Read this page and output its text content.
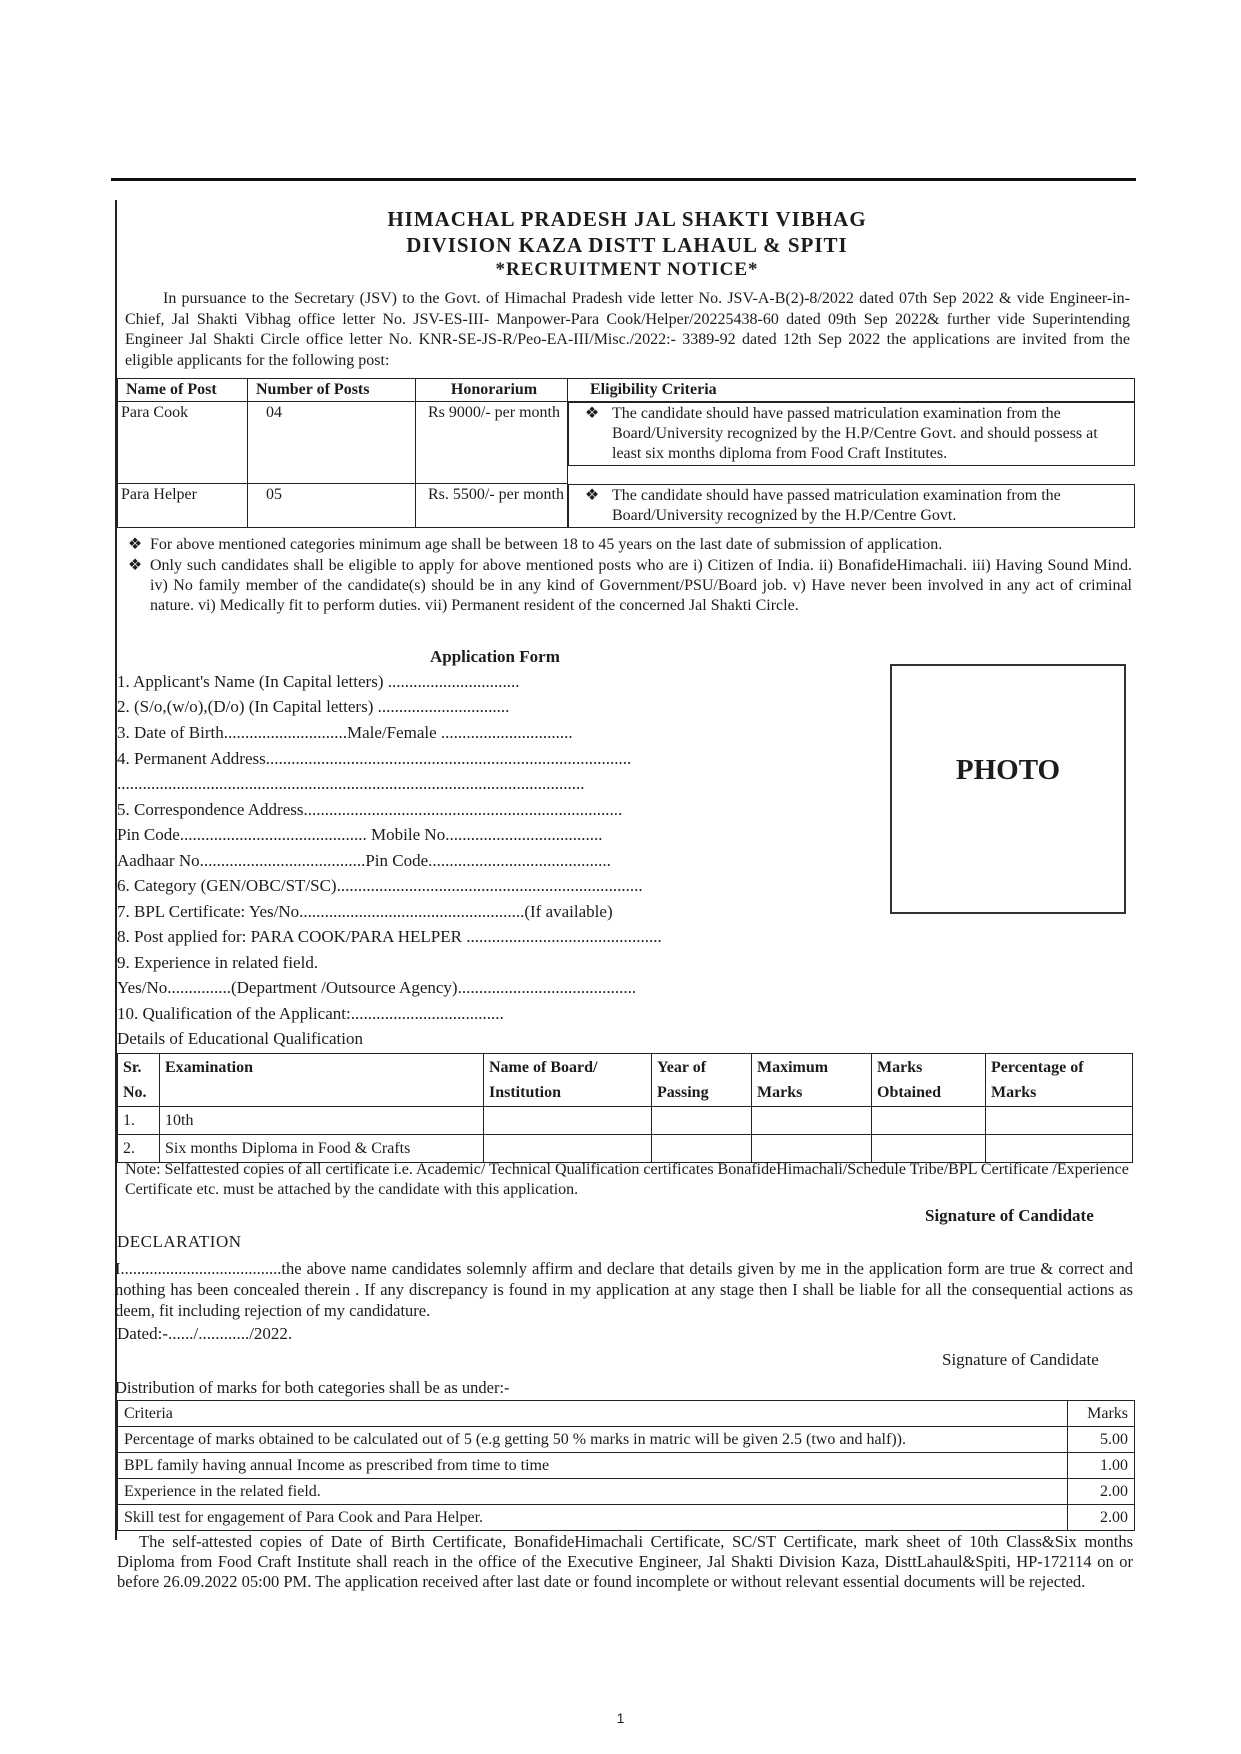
HIMACHAL PRADESH JAL SHAKTI VIBHAG
DIVISION KAZA DISTT LAHAUL & SPITI
*RECRUITMENT NOTICE*
In pursuance to the Secretary (JSV) to the Govt. of Himachal Pradesh vide letter No. JSV-A-B(2)-8/2022 dated 07th Sep 2022 & vide Engineer-in-Chief, Jal Shakti Vibhag office letter No. JSV-ES-III- Manpower-Para Cook/Helper/20225438-60 dated 09th Sep 2022& further vide Superintending Engineer Jal Shakti Circle office letter No. KNR-SE-JS-R/Peo-EA-III/Misc./2022:- 3389-92 dated 12th Sep 2022 the applications are invited from the eligible applicants for the following post:
Name of Post	Number of Posts	Honorarium	Eligibility Criteria
Para Cook	04	Rs 9000/- per month		❖ The candidate should have passed matriculation examination from the Board/University recognized by the H.P/Centre Govt. and should possess at least six months diploma from Food Craft Institutes.

Para Helper	05	Rs. 5500/- per month		❖ The candidate should have passed matriculation examination from the Board/University recognized by the H.P/Centre Govt.
❖ For above mentioned categories minimum age shall be between 18 to 45 years on the last date of submission of application.
❖ Only such candidates shall be eligible to apply for above mentioned posts who are i) Citizen of India. ii) BonafideHimachali. iii) Having Sound Mind. iv) No family member of the candidate(s) should be in any kind of Government/PSU/Board job. v) Have never been involved in any act of criminal nature. vi) Medically fit to perform duties. vii) Permanent resident of the concerned Jal Shakti Circle.
Application Form
PHOTO
1. Applicant's Name (In Capital letters) ...............................
2. (S/o,(w/o),(D/o) (In Capital letters) ...............................
3. Date of Birth.............................Male/Female ...............................
4. Permanent Address......................................................................................
..............................................................................................................
5. Correspondence Address...........................................................................
Pin Code............................................ Mobile No.....................................
Aadhaar No.......................................Pin Code...........................................
6. Category (GEN/OBC/ST/SC)........................................................................
7. BPL Certificate: Yes/No.....................................................(If available)
8. Post applied for: PARA COOK/PARA HELPER ..............................................
9. Experience in related field.
Yes/No...............(Department /Outsource Agency)..........................................
10. Qualification of the Applicant:....................................
Details of Educational Qualification
Sr. No.	Examination	Name of Board/ Institution	Year of Passing	Maximum Marks	Marks Obtained	Percentage of Marks
1.	10th					
2.	Six months Diploma in Food & Crafts					
Note: Selfattested copies of all certificate i.e. Academic/ Technical Qualification certificates BonafideHimachali/Schedule Tribe/BPL Certificate /Experience Certificate etc. must be attached by the candidate with this application.
Signature of Candidate
DECLARATION
I.......................................the above name candidates solemnly affirm and declare that details given by me in the application form are true & correct and nothing has been concealed therein . If any discrepancy is found in my application at any stage then I shall be liable for all the consequential actions as deem, fit including rejection of my candidature.
Dated:-....../............/2022.
Signature of Candidate
Distribution of marks for both categories shall be as under:-
Criteria	Marks
Percentage of marks obtained to be calculated out of 5 (e.g getting 50 % marks in matric will be given 2.5 (two and half)).	5.00
BPL family having annual Income as prescribed from time to time	1.00
Experience in the related field.	2.00
Skill test for engagement of Para Cook and Para Helper.	2.00
The self-attested copies of Date of Birth Certificate, BonafideHimachali Certificate, SC/ST Certificate, mark sheet of 10th Class&Six months Diploma from Food Craft Institute shall reach in the office of the Executive Engineer, Jal Shakti Division Kaza, DisttLahaul&Spiti, HP-172114 on or before 26.09.2022 05:00 PM. The application received after last date or found incomplete or without relevant essential documents will be rejected.
1
